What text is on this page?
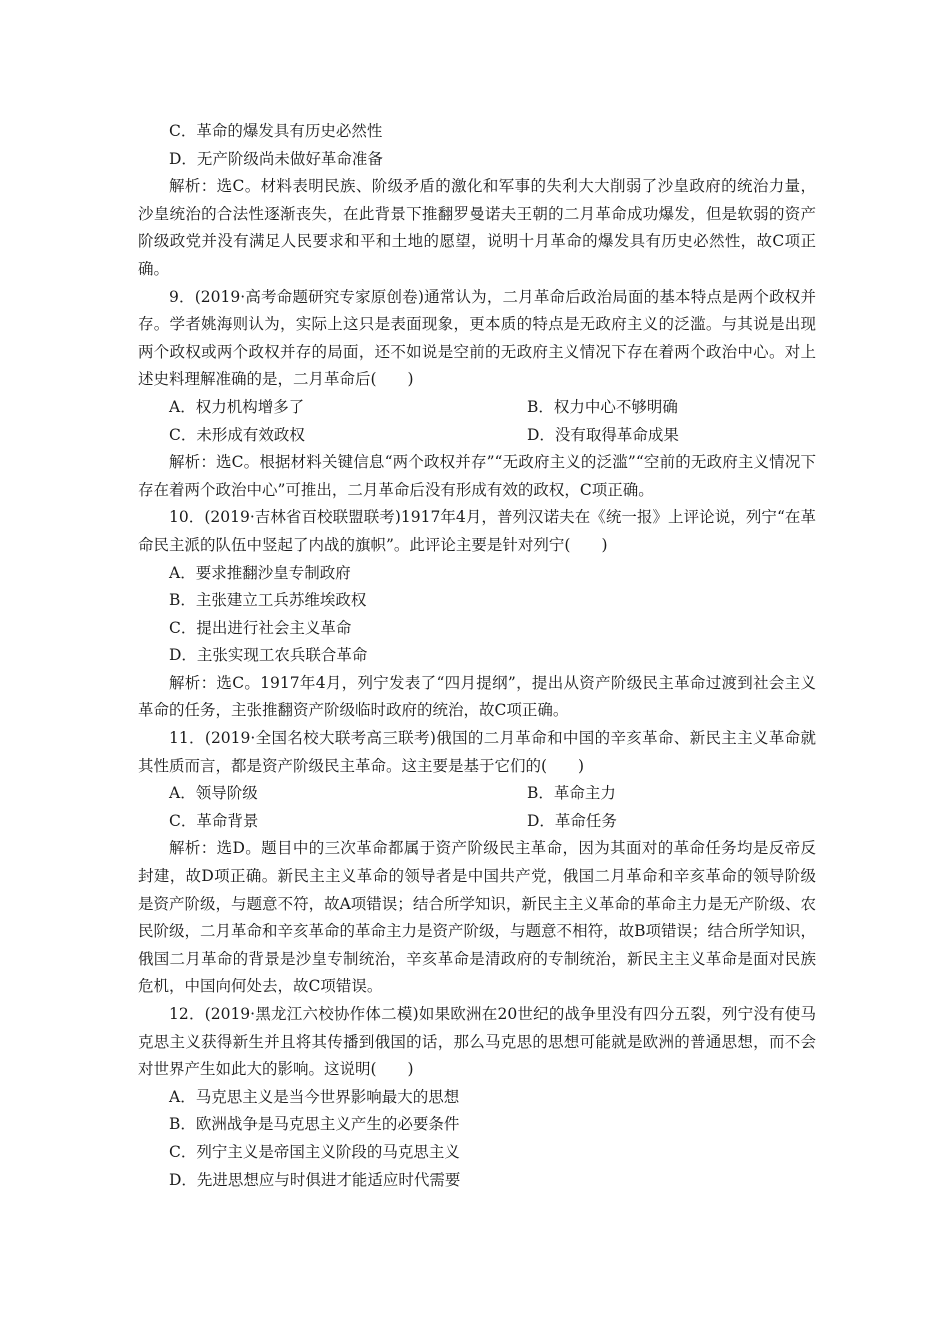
C．革命的爆发具有历史必然性

D．无产阶级尚未做好革命准备

解析：选C。材料表明民族、阶级矛盾的激化和军事的失利大大削弱了沙皇政府的统治力量，沙皇统治的合法性逐渐丧失，在此背景下推翻罗曼诺夫王朝的二月革命成功爆发，但是软弱的资产阶级政党并没有满足人民要求和平和土地的愿望，说明十月革命的爆发具有历史必然性，故C项正确。

9．(2019·高考命题研究专家原创卷)通常认为，二月革命后政治局面的基本特点是两个政权并存。学者姚海则认为，实际上这只是表面现象，更本质的特点是无政府主义的泛滥。与其说是出现两个政权或两个政权并存的局面，还不如说是空前的无政府主义情况下存在着两个政治中心。对上述史料理解准确的是，二月革命后(　　)

A．权力机构增多了	B．权力中心不够明确
C．未形成有效政权	D．没有取得革命成果

解析：选C。根据材料关键信息“两个政权并存”“无政府主义的泛滥”“空前的无政府主义情况下存在着两个政治中心”可推出，二月革命后没有形成有效的政权，C项正确。

10．(2019·吉林省百校联盟联考)1917年4月，普列汉诺夫在《统一报》上评论说，列宁“在革命民主派的队伍中竖起了内战的旗帜”。此评论主要是针对列宁(　　)

A．要求推翻沙皇专制政府

B．主张建立工兵苏维埃政权

C．提出进行社会主义革命

D．主张实现工农兵联合革命

解析：选C。1917年4月，列宁发表了“四月提纲”，提出从资产阶级民主革命过渡到社会主义革命的任务，主张推翻资产阶级临时政府的统治，故C项正确。

11．(2019·全国名校大联考高三联考)俄国的二月革命和中国的辛亥革命、新民主主义革命就其性质而言，都是资产阶级民主革命。这主要是基于它们的(　　)

A．领导阶级	B．革命主力
C．革命背景	D．革命任务

解析：选D。题目中的三次革命都属于资产阶级民主革命，因为其面对的革命任务均是反帝反封建，故D项正确。新民主主义革命的领导者是中国共产党，俄国二月革命和辛亥革命的领导阶级是资产阶级，与题意不符，故A项错误；结合所学知识，新民主主义革命的革命主力是无产阶级、农民阶级，二月革命和辛亥革命的革命主力是资产阶级，与题意不相符，故B项错误；结合所学知识，俄国二月革命的背景是沙皇专制统治，辛亥革命是清政府的专制统治，新民主主义革命是面对民族危机，中国向何处去，故C项错误。

12．(2019·黑龙江六校协作体二模)如果欧洲在20世纪的战争里没有四分五裂，列宁没有使马克思主义获得新生并且将其传播到俄国的话，那么马克思的思想可能就是欧洲的普通思想，而不会对世界产生如此大的影响。这说明(　　)

A．马克思主义是当今世界影响最大的思想

B．欧洲战争是马克思主义产生的必要条件

C．列宁主义是帝国主义阶段的马克思主义

D．先进思想应与时俱进才能适应时代需要
